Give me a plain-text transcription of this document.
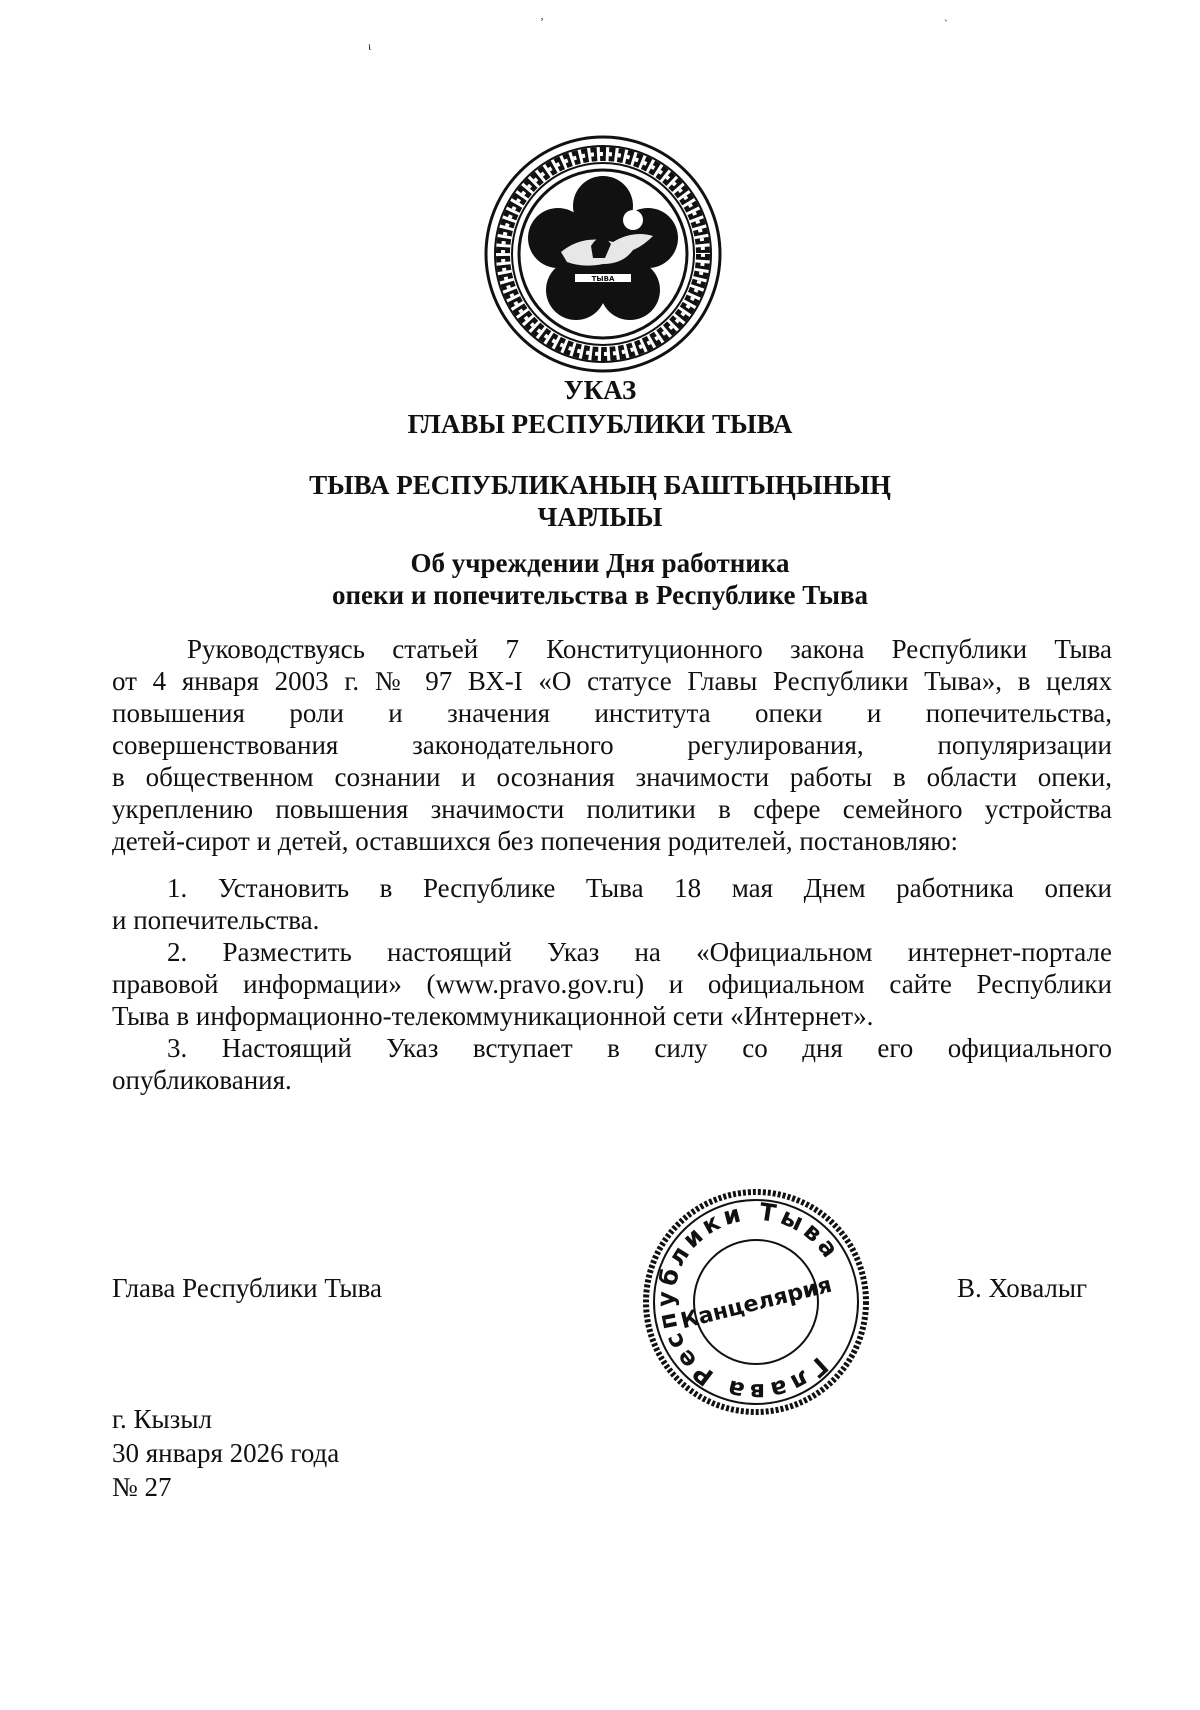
ʼ	`
ι
ТЫВА
УКАЗ
ГЛАВЫ РЕСПУБЛИКИ ТЫВА
ТЫВА РЕСПУБЛИКАНЫҢ БАШТЫҢЫНЫҢ
ЧАРЛЫЫ
Об учреждении Дня работника
опеки и попечительства в Республике Тыва
Руководствуясь статьей 7 Конституционного закона Республики Тыва
от 4 января 2003 г. № 97 ВХ-I «О статусе Главы Республики Тыва», в целях
повышения роли и значения института опеки и попечительства,
совершенствования законодательного регулирования, популяризации
в общественном сознании и осознания значимости работы в области опеки,
укреплению повышения значимости политики в сфере семейного устройства
детей-сирот и детей, оставшихся без попечения родителей, постановляю:
1. Установить в Республике Тыва 18 мая Днем работника опеки
и попечительства.
2. Разместить настоящий Указ на «Официальном интернет-портале
правовой информации» (www.pravo.gov.ru) и официальном сайте Республики
Тыва в информационно-телекоммуникационной сети «Интернет».
3. Настоящий Указ вступает в силу со дня его официального
опубликования.
Глава Республики Тыва	В. Ховалыг
Глава Республики Тыва
Канцелярия
г. Кызыл
30 января 2026 года
№ 27
